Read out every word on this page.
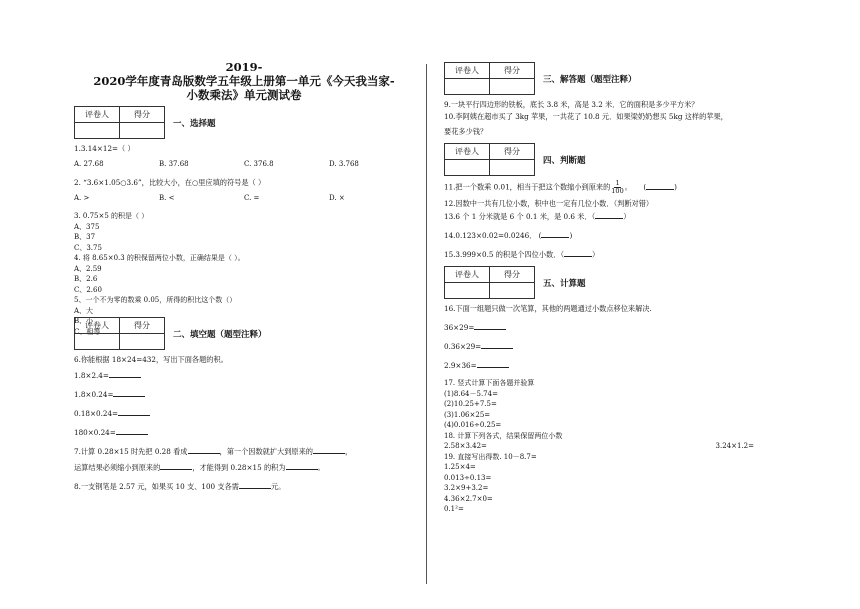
2019-
2020学年度青岛版数学五年级上册第一单元《今天我当家-
小数乘法》单元测试卷
评卷人	得分

一、选择题

1.3.14×12=（ ）

A. 27.68	B. 37.68	C. 376.8	D. 3.768

2. “3.6×1.05○3.6”，比较大小，在○里应填的符号是（ ）

A. >	B. <	C. =	D. ×

3. 0.75×5 的积是（ ）

A、375

B、37

C、3.75

4. 将 8.65×0.3 的积保留两位小数，正确结果是（ ）。

A、2.59

B、2.6

C、2.60

5、一个不为零的数乘 0.05，所得的积比这个数（）

A、大

B、小

C、相等

评卷人	得分

二、填空题（题型注释）

6.你能根据 18×24=432，写出下面各题的积。

1.8×2.4=

1.8×0.24=

0.18×0.24=

180×0.24=

7.计算 0.28×15 时先把 0.28 看成	，第一个因数就扩大到原来的	，

运算结果必须缩小到原来的	，才能得到 0.28×15 的积为	。

8.一支钢笔是 2.57 元，如果买 10 支、100 支各需	元。

评卷人	得分

三、解答题（题型注释）

9.一块平行四边形的铁板，底长 3.8 米，高是 3.2 米．它的面积是多少平方米？

10.李阿姨在超市买了 3kg 苹果，一共花了 10.8 元．如果梁奶奶想买 5kg 这样的苹果，

要花多少钱？

评卷人	得分

四、判断题

11.把一个数乘 0.01，相当于把这个数缩小到原来的 $\frac{1}{100}$ 。 (	)

12.因数中一共有几位小数，积中也一定有几位小数．（判断对错）

13.6 个 1 分米就是 6 个 0.1 米，是 0.6 米．（	）

14.0.123×0.02=0.0246． (	)

15.3.999×0.5 的积是个四位小数．（	）

评卷人	得分

五、计算题

16.下面一组题只做一次笔算，其他的两题通过小数点移位来解决.

36×29=

0.36×29=

2.9×36=

17. 竖式计算下面各题并验算

(1)8.64－5.74=

(2)10.25+7.5=

(3)1.06×25=

(4)0.016÷0.25=

18. 计算下列各式，结果保留两位小数

2.58×3.42=	3.24×1.2=

19. 直接写出得数. 10－8.7=

1.25×4=

0.013÷0.13=

3.2×9+3.2=

4.36×2.7×0=

0.1²=
